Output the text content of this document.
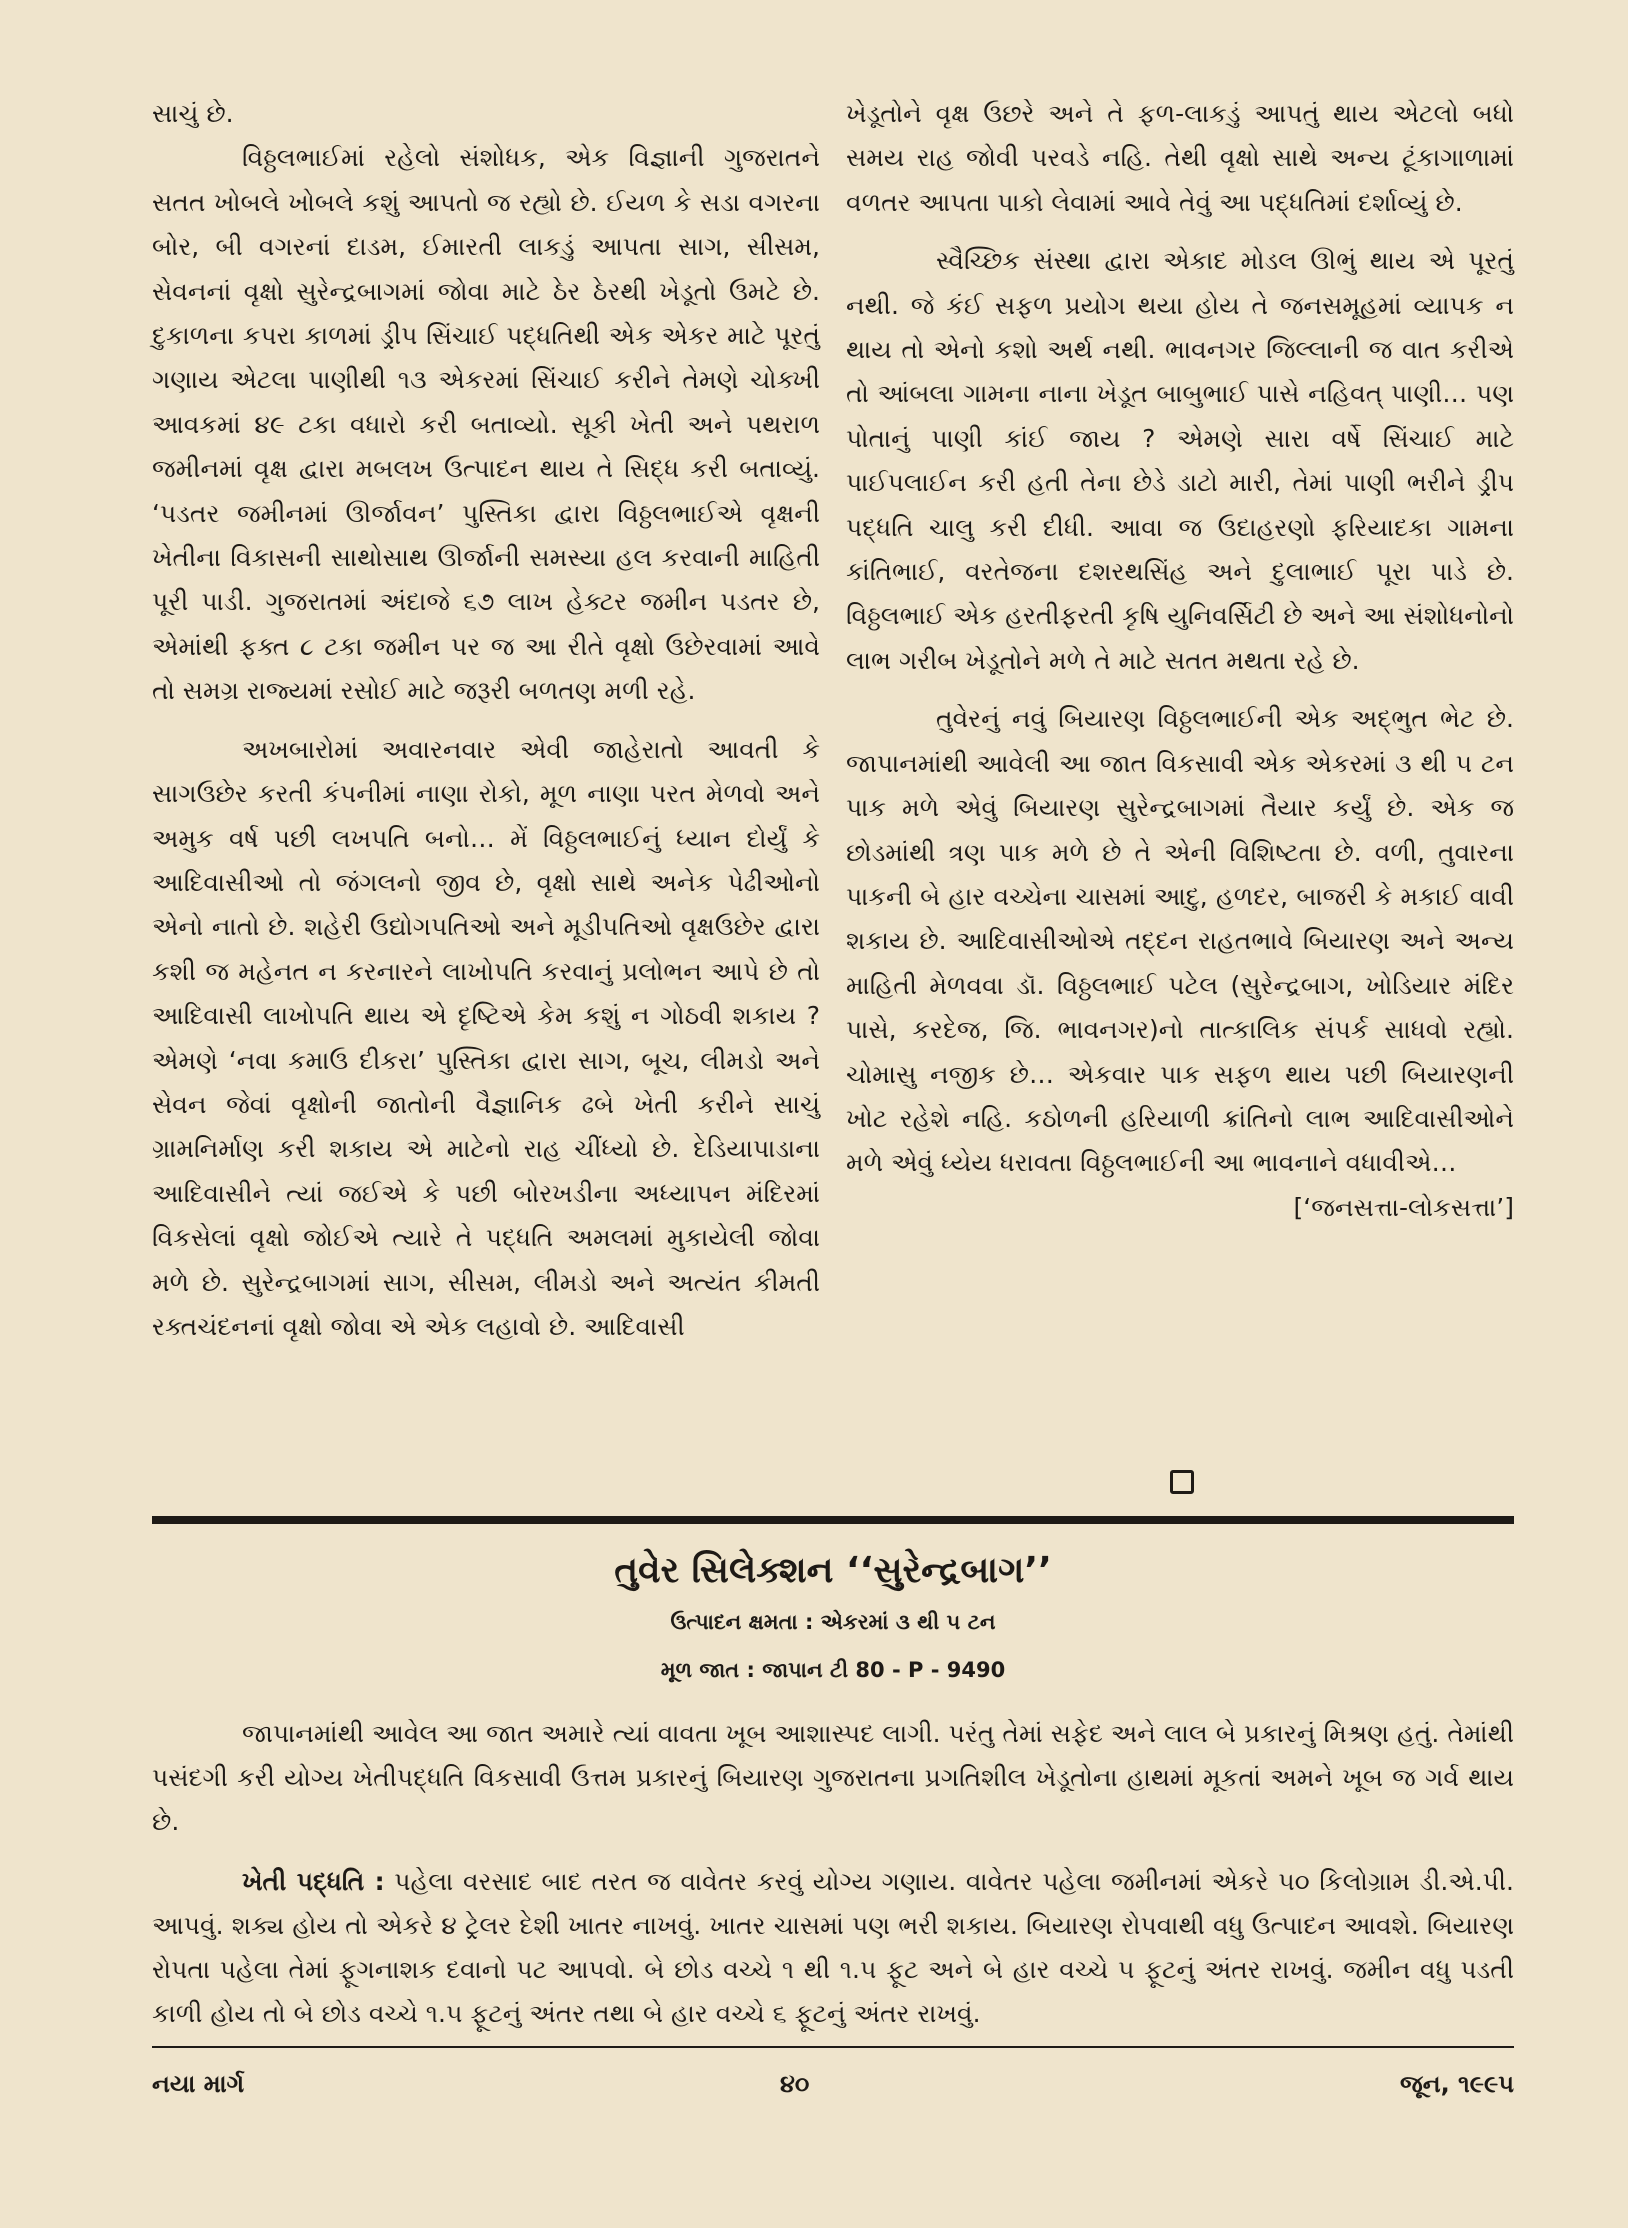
સાચું છે.

વિઠ્ઠલભાઈમાં રહેલો સંશોધક, એક વિજ્ઞાની ગુજરાતને સતત ખોબલે ખોબલે કશું આપતો જ રહ્યો છે. ઈયળ કે સડા વગરના બોર, બી વગરનાં દાડમ, ઈમારતી લાકડું આપતા સાગ, સીસમ, સેવનનાં વૃક્ષો સુરેન્દ્રબાગમાં જોવા માટે ઠેર ઠેરથી ખેડૂતો ઉમટે છે. દુકાળના કપરા કાળમાં ડ્રીપ સિંચાઈ પદ્ધતિથી એક એકર માટે પૂરતું ગણાય એટલા પાણીથી ૧૩ એકરમાં સિંચાઈ કરીને તેમણે ચોક્ખી આવકમાં ૪૯ ટકા વધારો કરી બતાવ્યો. સૂકી ખેતી અને પથરાળ જમીનમાં વૃક્ષ દ્વારા મબલખ ઉત્પાદન થાય તે સિદ્ધ કરી બતાવ્યું. ‘પડતર જમીનમાં ઊર્જાવન’ પુસ્તિકા દ્વારા વિઠ્ઠલભાઈએ વૃક્ષની ખેતીના વિકાસની સાથોસાથ ઊર્જાની સમસ્યા હલ કરવાની માહિતી પૂરી પાડી. ગુજરાતમાં અંદાજે ૬૭ લાખ હેક્ટર જમીન પડતર છે, એમાંથી ફક્ત ૮ ટકા જમીન પર જ આ રીતે વૃક્ષો ઉછેરવામાં આવે તો સમગ્ર રાજ્યમાં રસોઈ માટે જરૂરી બળતણ મળી રહે.

અખબારોમાં અવારનવાર એવી જાહેરાતો આવતી કે સાગઉછેર કરતી કંપનીમાં નાણા રોકો, મૂળ નાણા પરત મેળવો અને અમુક વર્ષ પછી લખપતિ બનો… મેં વિઠ્ઠલભાઈનું ધ્યાન દોર્યું કે આદિવાસીઓ તો જંગલનો જીવ છે, વૃક્ષો સાથે અનેક પેઢીઓનો એનો નાતો છે. શહેરી ઉદ્યોગપતિઓ અને મૂડીપતિઓ વૃક્ષઉછેર દ્વારા કશી જ મહેનત ન કરનારને લાખોપતિ કરવાનું પ્રલોભન આપે છે તો આદિવાસી લાખોપતિ થાય એ દૃષ્ટિએ કેમ કશું ન ગોઠવી શકાય ? એમણે ‘નવા કમાઉ દીકરા’ પુસ્તિકા દ્વારા સાગ, બૂચ, લીમડો અને સેવન જેવાં વૃક્ષોની જાતોની વૈજ્ઞાનિક ઢબે ખેતી કરીને સાચું ગ્રામનિર્માણ કરી શકાય એ માટેનો રાહ ચીંધ્યો છે. દેડિયાપાડાના આદિવાસીને ત્યાં જઈએ કે પછી બોરખડીના અધ્યાપન મંદિરમાં વિકસેલાં વૃક્ષો જોઈએ ત્યારે તે પદ્ધતિ અમલમાં મુકાયેલી જોવા મળે છે. સુરેન્દ્રબાગમાં સાગ, સીસમ, લીમડો અને અત્યંત કીમતી રક્તચંદનનાં વૃક્ષો જોવા એ એક લહાવો છે. આદિવાસી

ખેડૂતોને વૃક્ષ ઉછરે અને તે ફળ-લાકડું આપતું થાય એટલો બધો સમય રાહ જોવી પરવડે નહિ. તેથી વૃક્ષો સાથે અન્ય ટૂંકાગાળામાં વળતર આપતા પાકો લેવામાં આવે તેવું આ પદ્ધતિમાં દર્શાવ્યું છે.

સ્વૈચ્છિક સંસ્થા દ્વારા એકાદ મોડલ ઊભું થાય એ પૂરતું નથી. જે કંઈ સફળ પ્રયોગ થયા હોય તે જનસમૂહમાં વ્યાપક ન થાય તો એનો કશો અર્થ નથી. ભાવનગર જિલ્લાની જ વાત કરીએ તો આંબલા ગામના નાના ખેડૂત બાબુભાઈ પાસે નહિવત્ પાણી… પણ પોતાનું પાણી કાંઈ જાય ? એમણે સારા વર્ષે સિંચાઈ માટે પાઈપલાઈન કરી હતી તેના છેડે ડાટો મારી, તેમાં પાણી ભરીને ડ્રીપ પદ્ધતિ ચાલુ કરી દીધી. આવા જ ઉદાહરણો ફરિયાદકા ગામના કાંતિભાઈ, વરતેજના દશરથસિંહ અને દુલાભાઈ પૂરા પાડે છે. વિઠ્ઠલભાઈ એક હરતીફરતી કૃષિ યુનિવર્સિટી છે અને આ સંશોધનોનો લાભ ગરીબ ખેડૂતોને મળે તે માટે સતત મથતા રહે છે.

તુવેરનું નવું બિયારણ વિઠ્ઠલભાઈની એક અદ્ભુત ભેટ છે. જાપાનમાંથી આવેલી આ જાત વિકસાવી એક એકરમાં ૩ થી ૫ ટન પાક મળે એવું બિયારણ સુરેન્દ્રબાગમાં તૈયાર કર્યું છે. એક જ છોડમાંથી ત્રણ પાક મળે છે તે એની વિશિષ્ટતા છે. વળી, તુવારના પાકની બે હાર વચ્ચેના ચાસમાં આદુ, હળદર, બાજરી કે મકાઈ વાવી શકાય છે. આદિવાસીઓએ તદ્દન રાહતભાવે બિયારણ અને અન્ય માહિતી મેળવવા ડૉ. વિઠ્ઠલભાઈ પટેલ (સુરેન્દ્રબાગ, ખોડિયાર મંદિર પાસે, કરદેજ, જિ. ભાવનગર)નો તાત્કાલિક સંપર્ક સાધવો રહ્યો. ચોમાસુ નજીક છે… એકવાર પાક સફળ થાય પછી બિયારણની ખોટ રહેશે નહિ. કઠોળની હરિયાળી ક્રાંતિનો લાભ આદિવાસીઓને મળે એવું ધ્યેય ધરાવતા વિઠ્ઠલભાઈની આ ભાવનાને વધાવીએ…

[‘જનસત્તા-લોકસત્તા’]

તુવેર સિલેક્શન ‘‘સુરેન્દ્રબાગ’’
ઉત્પાદન ક્ષમતા : એકરમાં ૩ થી ૫ ટન
મૂળ જાત : જાપાન ટી 80 - P - 9490

જાપાનમાંથી આવેલ આ જાત અમારે ત્યાં વાવતા ખૂબ આશાસ્પદ લાગી. પરંતુ તેમાં સફેદ અને લાલ બે પ્રકારનું મિશ્રણ હતું. તેમાંથી પસંદગી કરી યોગ્ય ખેતીપદ્ધતિ વિકસાવી ઉત્તમ પ્રકારનું બિયારણ ગુજરાતના પ્રગતિશીલ ખેડૂતોના હાથમાં મૂકતાં અમને ખૂબ જ ગર્વ થાય છે.

ખેતી પદ્ધતિ : પહેલા વરસાદ બાદ તરત જ વાવેતર કરવું યોગ્ય ગણાય. વાવેતર પહેલા જમીનમાં એકરે ૫૦ કિલોગ્રામ ડી.એ.પી. આપવું. શક્ય હોય તો એકરે ૪ ટ્રેલર દેશી ખાતર નાખવું. ખાતર ચાસમાં પણ ભરી શકાય. બિયારણ રોપવાથી વધુ ઉત્પાદન આવશે. બિયારણ રોપતા પહેલા તેમાં ફૂગનાશક દવાનો પટ આપવો. બે છોડ વચ્ચે ૧ થી ૧.૫ ફૂટ અને બે હાર વચ્ચે ૫ ફૂટનું અંતર રાખવું. જમીન વધુ પડતી કાળી હોય તો બે છોડ વચ્ચે ૧.૫ ફૂટનું અંતર તથા બે હાર વચ્ચે ૬ ફૂટનું અંતર રાખવું.

નયા માર્ગ	૪૦	જૂન, ૧૯૯૫
